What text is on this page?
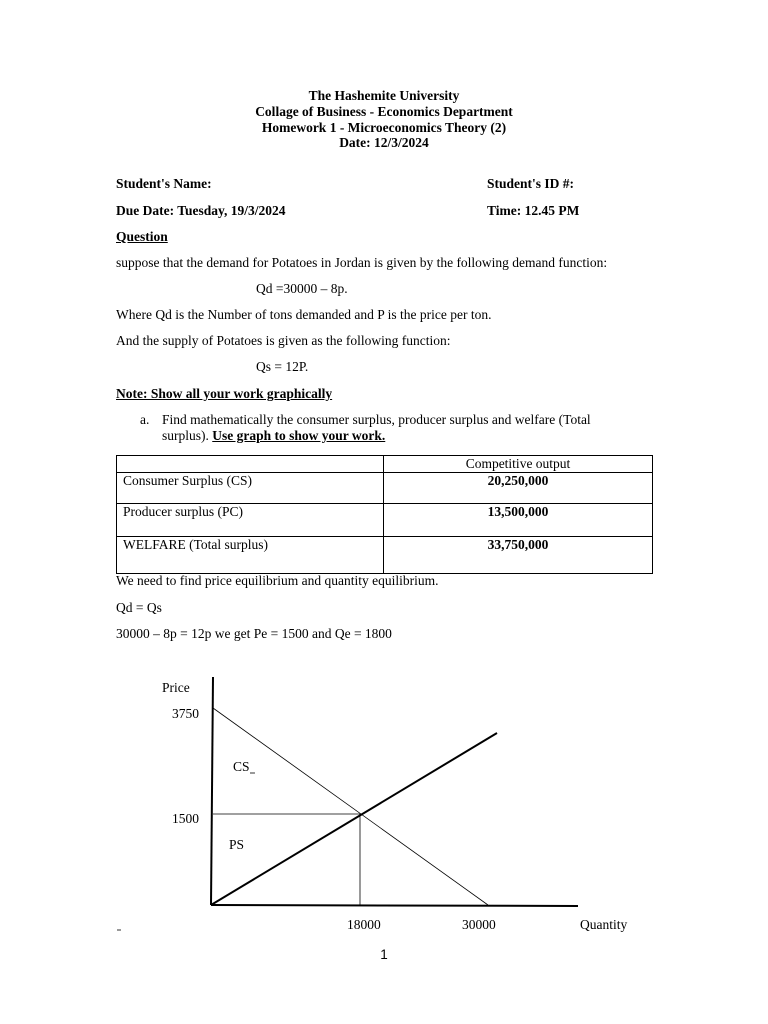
The Hashemite University
Collage of Business - Economics Department
Homework 1 - Microeconomics Theory (2)
Date: 12/3/2024
Student's Name:	Student's ID #:
Due Date: Tuesday, 19/3/2024	Time: 12.45 PM
Question
suppose that the demand for Potatoes in Jordan is given by the following demand function:
Qd =30000 – 8p.
Where Qd is the Number of tons demanded and P is the price per ton.
And the supply of Potatoes is given as the following function:
Qs = 12P.
Note: Show all your work graphically
a. Find mathematically the consumer surplus, producer surplus and welfare (Total
surplus). Use graph to show your work.
	Competitive output
Consumer Surplus (CS)	20,250,000
Producer surplus (PC)	13,500,000
WELFARE (Total surplus)	33,750,000
We need to find price equilibrium and quantity equilibrium.
Qd = Qs
30000 – 8p = 12p we get Pe = 1500 and Qe = 1800
Price
3750
1500
CS
PS
18000	30000	Quantity
1
